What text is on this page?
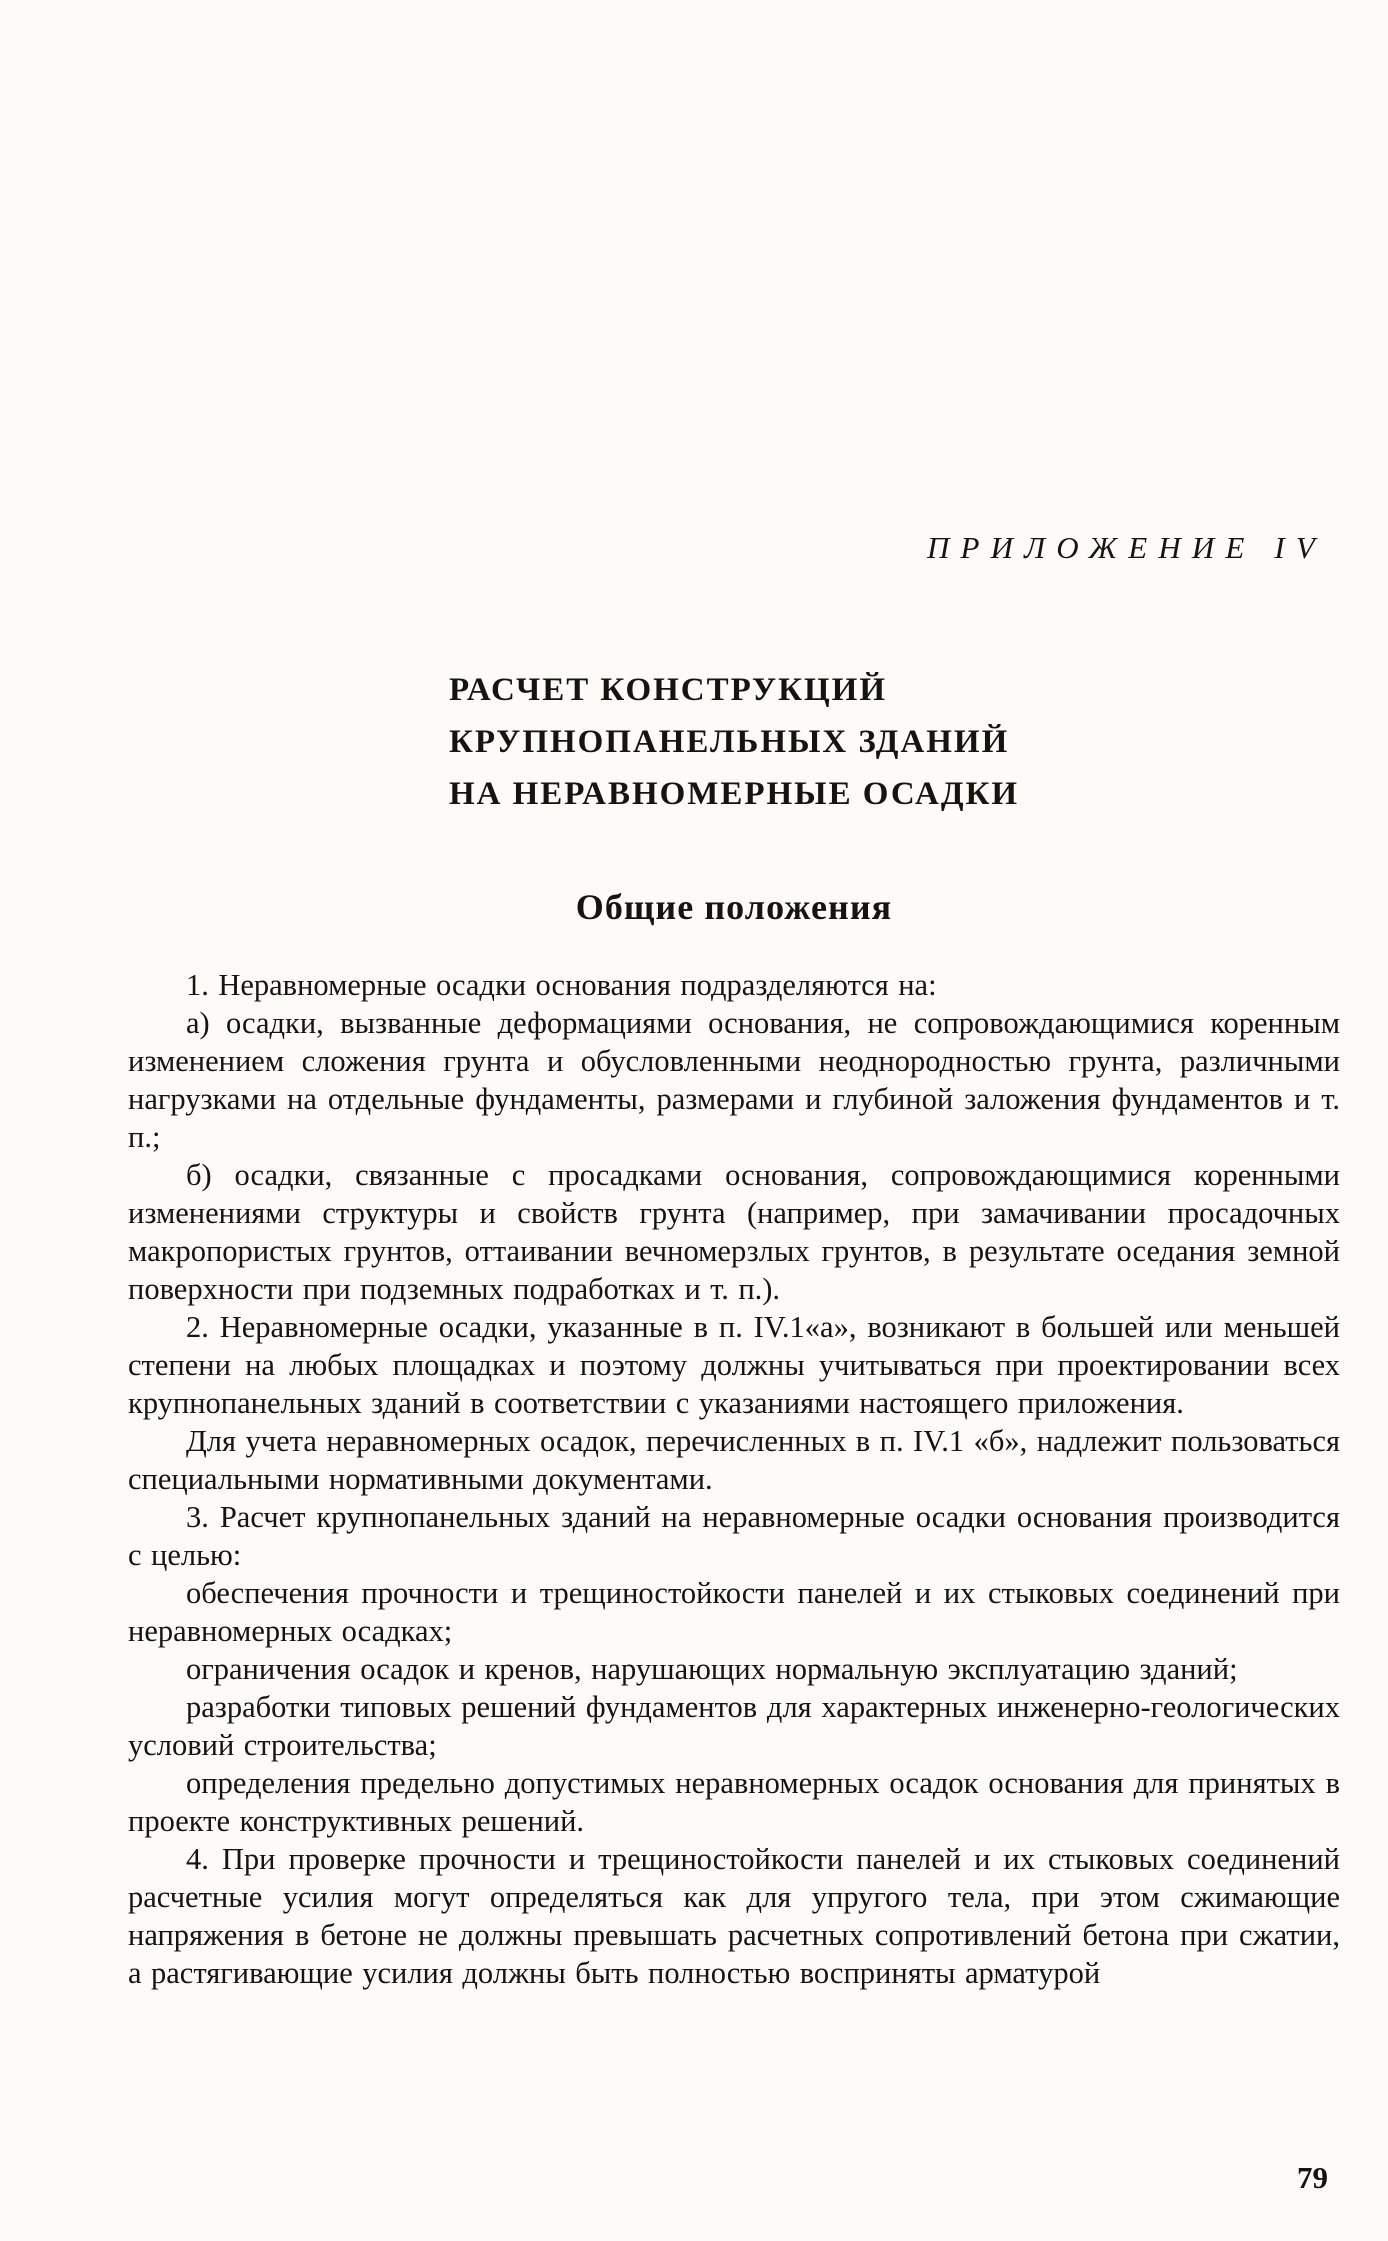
ПРИЛОЖЕНИЕ IV
РАСЧЕТ КОНСТРУКЦИЙ
КРУПНОПАНЕЛЬНЫХ ЗДАНИЙ
НА НЕРАВНОМЕРНЫЕ ОСАДКИ
Общие положения

1. Неравномерные осадки основания подразделяются на:

а) осадки, вызванные деформациями основания, не сопровождающимися коренным изменением сложения грунта и обусловленными неоднородностью грунта, различными нагрузками на отдельные фундаменты, размерами и глубиной заложения фундаментов и т. п.;

б) осадки, связанные с просадками основания, сопровождающимися коренными изменениями структуры и свойств грунта (например, при замачивании просадочных макропористых грунтов, оттаивании вечномерзлых грунтов, в результате оседания земной поверхности при подземных подработках и т. п.).

2. Неравномерные осадки, указанные в п. IV.1«а», возникают в большей или меньшей степени на любых площадках и поэтому должны учитываться при проектировании всех крупнопанельных зданий в соответствии с указаниями настоящего приложения.

Для учета неравномерных осадок, перечисленных в п. IV.1 «б», надлежит пользоваться специальными нормативными документами.

3. Расчет крупнопанельных зданий на неравномерные осадки основания производится с целью:

обеспечения прочности и трещиностойкости панелей и их стыковых соединений при неравномерных осадках;

ограничения осадок и кренов, нарушающих нормальную эксплуатацию зданий;

разработки типовых решений фундаментов для характерных инженерно-геологических условий строительства;

определения предельно допустимых неравномерных осадок основания для принятых в проекте конструктивных решений.

4. При проверке прочности и трещиностойкости панелей и их стыковых соединений расчетные усилия могут определяться как для упругого тела, при этом сжимающие напряжения в бетоне не должны превышать расчетных сопротивлений бетона при сжатии, а растягивающие усилия должны быть полностью восприняты арматурой

79
